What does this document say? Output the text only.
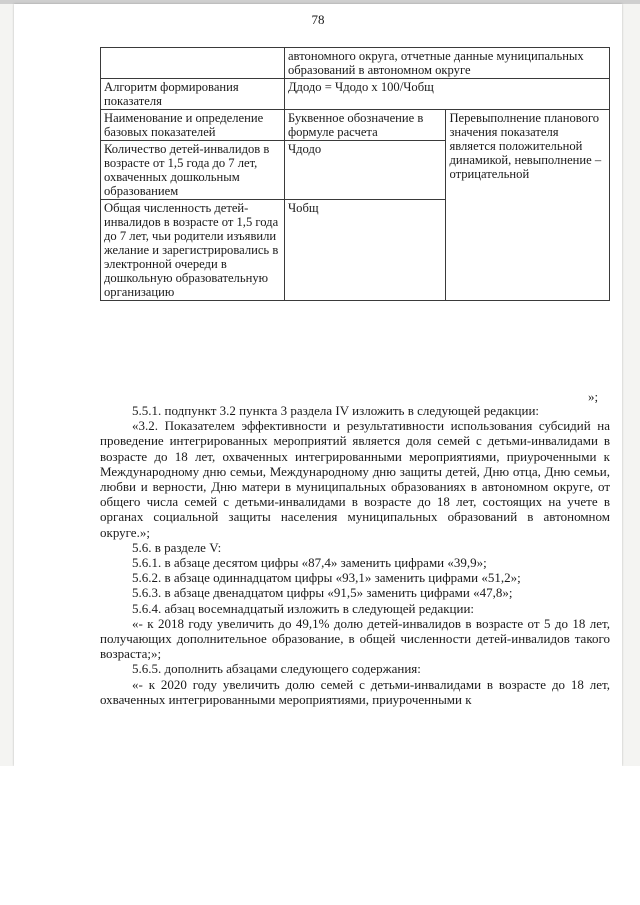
78
	автономного округа, отчетные данные муниципальных образований в автономном округе	
Алгоритм формирования показателя	Ддодо = Чдодо х 100/Чобщ	
Наименование и определение базовых показателей	Буквенное обозначение в формуле расчета	Перевыполнение планового значения показателя является положительной динамикой, невыполнение – отрицательной
Количество детей-инвалидов в возрасте от 1,5 года до 7 лет, охваченных дошкольным образованием	Чдодо	
Общая численность детей-инвалидов в возрасте от 1,5 года до 7 лет, чьи родители изъявили желание и зарегистрировались в электронной очереди в дошкольную образовательную организацию	Чобщ	
»;

5.5.1. подпункт 3.2 пункта 3 раздела IV изложить в следующей редакции:

«3.2. Показателем эффективности и результативности использования субсидий на проведение интегрированных мероприятий является доля семей с детьми-инвалидами в возрасте до 18 лет, охваченных интегрированными мероприятиями, приуроченными к Международному дню семьи, Международному дню защиты детей, Дню отца, Дню семьи, любви и верности, Дню матери в муниципальных образованиях в автономном округе, от общего числа семей с детьми-инвалидами в возрасте до 18 лет, состоящих на учете в органах социальной защиты населения муниципальных образований в автономном округе.»;

5.6. в разделе V:

5.6.1. в абзаце десятом цифры «87,4» заменить цифрами «39,9»;

5.6.2. в абзаце одиннадцатом цифры «93,1» заменить цифрами «51,2»;

5.6.3. в абзаце двенадцатом цифры «91,5» заменить цифрами «47,8»;

5.6.4. абзац восемнадцатый изложить в следующей редакции:

«- к 2018 году увеличить до 49,1% долю детей-инвалидов в возрасте от 5 до 18 лет, получающих дополнительное образование, в общей численности детей-инвалидов такого возраста;»;

5.6.5. дополнить абзацами следующего содержания:

«- к 2020 году увеличить долю семей с детьми-инвалидами в возрасте до 18 лет, охваченных интегрированными мероприятиями, приуроченными к
